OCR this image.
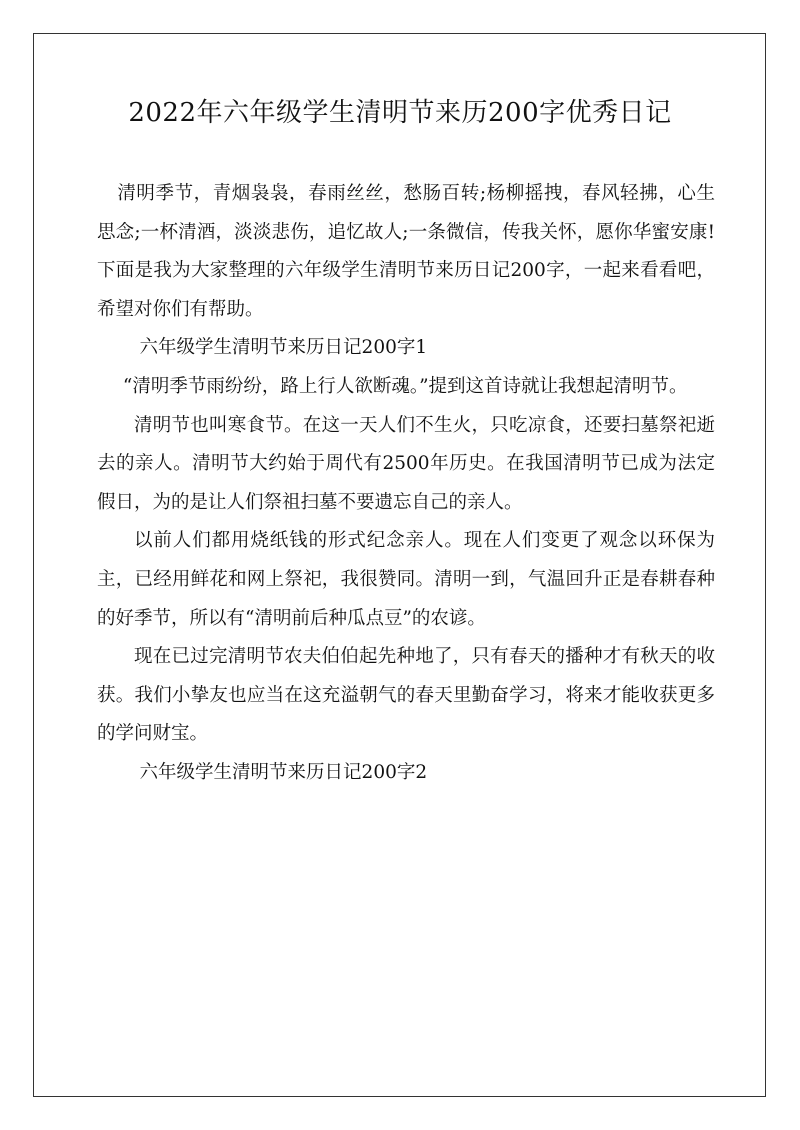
2022年六年级学生清明节来历200字优秀日记

清明季节，青烟袅袅，春雨丝丝，愁肠百转;杨柳摇拽，春风轻拂，心生思念;一杯清酒，淡淡悲伤，追忆故人;一条微信，传我关怀，愿你华蜜安康!下面是我为大家整理的六年级学生清明节来历日记200字，一起来看看吧，希望对你们有帮助。

六年级学生清明节来历日记200字1

“清明季节雨纷纷，路上行人欲断魂。”提到这首诗就让我想起清明节。

清明节也叫寒食节。在这一天人们不生火，只吃凉食，还要扫墓祭祀逝去的亲人。清明节大约始于周代有2500年历史。在我国清明节已成为法定假日，为的是让人们祭祖扫墓不要遗忘自己的亲人。

以前人们都用烧纸钱的形式纪念亲人。现在人们变更了观念以环保为主，已经用鲜花和网上祭祀，我很赞同。清明一到，气温回升正是春耕春种的好季节，所以有“清明前后种瓜点豆”的农谚。

现在已过完清明节农夫伯伯起先种地了，只有春天的播种才有秋天的收获。我们小挚友也应当在这充溢朝气的春天里勤奋学习，将来才能收获更多的学问财宝。

六年级学生清明节来历日记200字2
